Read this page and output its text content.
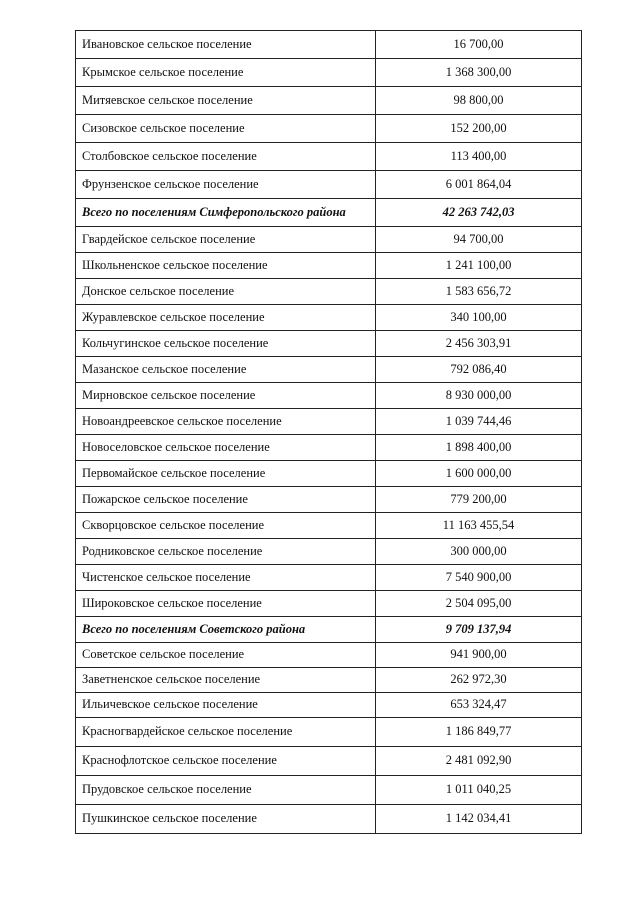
Ивановское сельское поселение	16 700,00
Крымское сельское поселение	1 368 300,00
Митяевское сельское поселение	98 800,00
Сизовское сельское поселение	152 200,00
Столбовское сельское поселение	113 400,00
Фрунзенское сельское поселение	6 001 864,04
Всего по поселениям Симферопольского района	42 263 742,03
Гвардейское сельское поселение	94 700,00
Школьненское сельское поселение	1 241 100,00
Донское сельское поселение	1 583 656,72
Журавлевское сельское поселение	340 100,00
Кольчугинское сельское поселение	2 456 303,91
Мазанское сельское поселение	792 086,40
Мирновское сельское поселение	8 930 000,00
Новоандреевское сельское поселение	1 039 744,46
Новоселовское сельское поселение	1 898 400,00
Первомайское сельское поселение	1 600 000,00
Пожарское сельское поселение	779 200,00
Скворцовское сельское поселение	11 163 455,54
Родниковское сельское поселение	300 000,00
Чистенское сельское поселение	7 540 900,00
Широковское сельское поселение	2 504 095,00
Всего по поселениям Советского района	9 709 137,94
Советское сельское поселение	941 900,00
Заветненское сельское поселение	262 972,30
Ильичевское сельское поселение	653 324,47
Красногвардейское сельское поселение	1 186 849,77
Краснофлотское сельское поселение	2 481 092,90
Прудовское сельское поселение	1 011 040,25
Пушкинское сельское поселение	1 142 034,41
